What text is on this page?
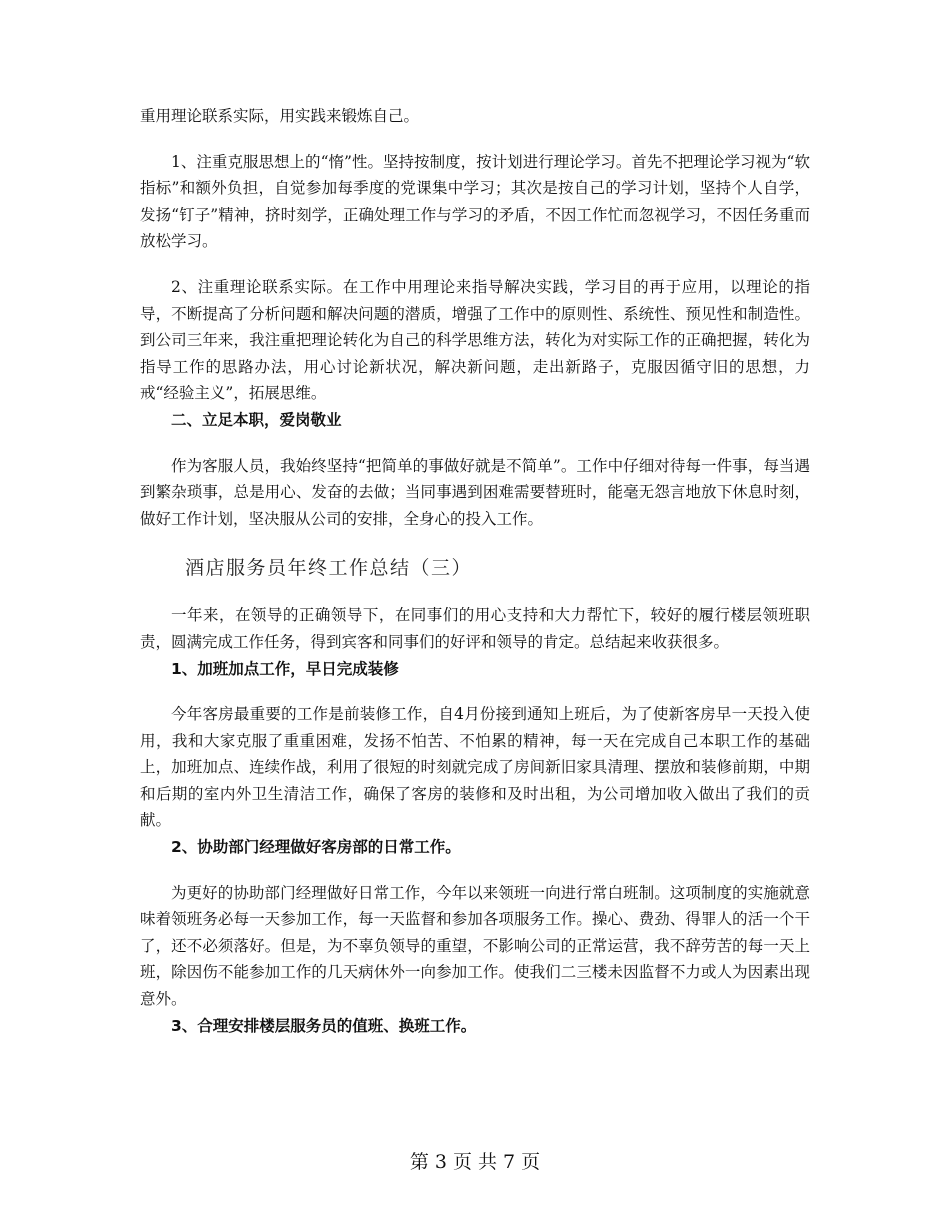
重用理论联系实际，用实践来锻炼自己。

1、注重克服思想上的“惰”性。坚持按制度，按计划进行理论学习。首先不把理论学习视为“软指标”和额外负担，自觉参加每季度的党课集中学习；其次是按自己的学习计划，坚持个人自学，发扬“钉子”精神，挤时刻学，正确处理工作与学习的矛盾，不因工作忙而忽视学习，不因任务重而放松学习。

2、注重理论联系实际。在工作中用理论来指导解决实践，学习目的再于应用，以理论的指导，不断提高了分析问题和解决问题的潜质，增强了工作中的原则性、系统性、预见性和制造性。到公司三年来，我注重把理论转化为自己的科学思维方法，转化为对实际工作的正确把握，转化为指导工作的思路办法，用心讨论新状况，解决新问题，走出新路子，克服因循守旧的思想，力戒“经验主义”，拓展思维。

二、立足本职，爱岗敬业

作为客服人员，我始终坚持“把简单的事做好就是不简单”。工作中仔细对待每一件事，每当遇到繁杂琐事，总是用心、发奋的去做；当同事遇到困难需要替班时，能毫无怨言地放下休息时刻，做好工作计划，坚决服从公司的安排，全身心的投入工作。

酒店服务员年终工作总结（三）

一年来，在领导的正确领导下，在同事们的用心支持和大力帮忙下，较好的履行楼层领班职责，圆满完成工作任务，得到宾客和同事们的好评和领导的肯定。总结起来收获很多。

1、加班加点工作，早日完成装修

今年客房最重要的工作是前装修工作，自4月份接到通知上班后，为了使新客房早一天投入使用，我和大家克服了重重困难，发扬不怕苦、不怕累的精神，每一天在完成自己本职工作的基础上，加班加点、连续作战，利用了很短的时刻就完成了房间新旧家具清理、摆放和装修前期，中期和后期的室内外卫生清洁工作，确保了客房的装修和及时出租，为公司增加收入做出了我们的贡献。

2、协助部门经理做好客房部的日常工作。

为更好的协助部门经理做好日常工作，今年以来领班一向进行常白班制。这项制度的实施就意味着领班务必每一天参加工作，每一天监督和参加各项服务工作。操心、费劲、得罪人的活一个干了，还不必须落好。但是，为不辜负领导的重望，不影响公司的正常运营，我不辞劳苦的每一天上班，除因伤不能参加工作的几天病休外一向参加工作。使我们二三楼未因监督不力或人为因素出现意外。

3、合理安排楼层服务员的值班、换班工作。

第 3 页 共 7 页
